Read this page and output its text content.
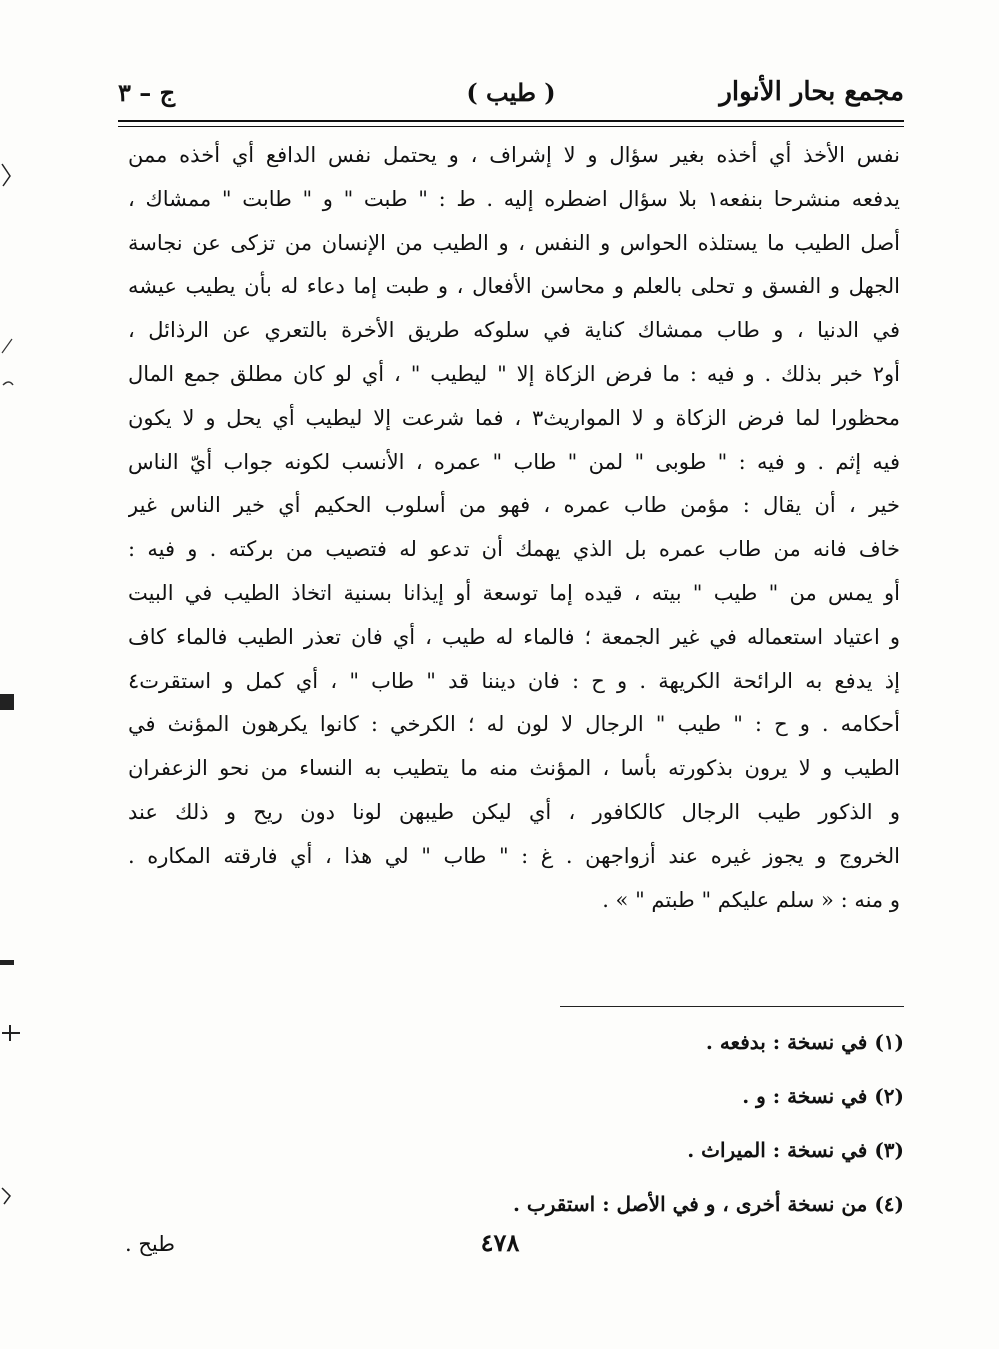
مجمع بحار الأنوار
( طيب )
ج – ٣
نفس الأخذ أي أخذه بغير سؤال و لا إشراف ، و يحتمل نفس الدافع أي أخذه ممن
يدفعه منشرحا بنفعه١ بلا سؤال اضطره إليه . ط : " طبت " و " طابت " ممشاك ،
أصل الطيب ما يستلذه الحواس و النفس ، و الطيب من الإنسان من تزكى عن نجاسة
الجهل و الفسق و تحلى بالعلم و محاسن الأفعال ، و طبت إما دعاء له بأن يطيب عيشه
في الدنيا ، و طاب ممشاك كناية في سلوكه طريق الأخرة بالتعري عن الرذائل ،
أو٢ خبر بذلك . و فيه : ما فرض الزكاة إلا " ليطيب " ، أي لو كان مطلق جمع المال
محظورا لما فرض الزكاة و لا المواريث٣ ، فما شرعت إلا ليطيب أي يحل و لا يكون
فيه إثم . و فيه : " طوبى " لمن " طاب " عمره ، الأنسب لكونه جواب أيّ الناس
خير ، أن يقال : مؤمن طاب عمره ، فهو من أسلوب الحكيم أي خير الناس غير
خاف فانه من طاب عمره بل الذي يهمك أن تدعو له فتصيب من بركته . و فيه :
أو يمس من " طيب " بيته ، قيده إما توسعة أو إيذانا بسنية اتخاذ الطيب في البيت
و اعتياد استعماله في غير الجمعة ؛ فالماء له طيب ، أي فان تعذر الطيب فالماء كاف
إذ يدفع به الرائحة الكريهة . و ح : فان ديننا قد " طاب " ، أي كمل و استقرت٤
أحكامه . و ح : " طيب " الرجال لا لون له ؛ الكرخي : كانوا يكرهون المؤنث في
الطيب و لا يرون بذكورته بأسا ، المؤنث منه ما يتطيب به النساء من نحو الزعفران
و الذكور طيب الرجال كالكافور ، أي ليكن طيبهن لونا دون ريح و ذلك عند
الخروج و يجوز غيره عند أزواجهن . غ : " طاب " لي هذا ، أي فارقته المكاره .
و منه : « سلم عليكم " طبتم " » .
(١) في نسخة : بدفعه .
(٢) في نسخة : و .
(٣) في نسخة : الميراث .
(٤) من نسخة أخرى ، و في الأصل : استقرب .
٤٧٨
طيح .
